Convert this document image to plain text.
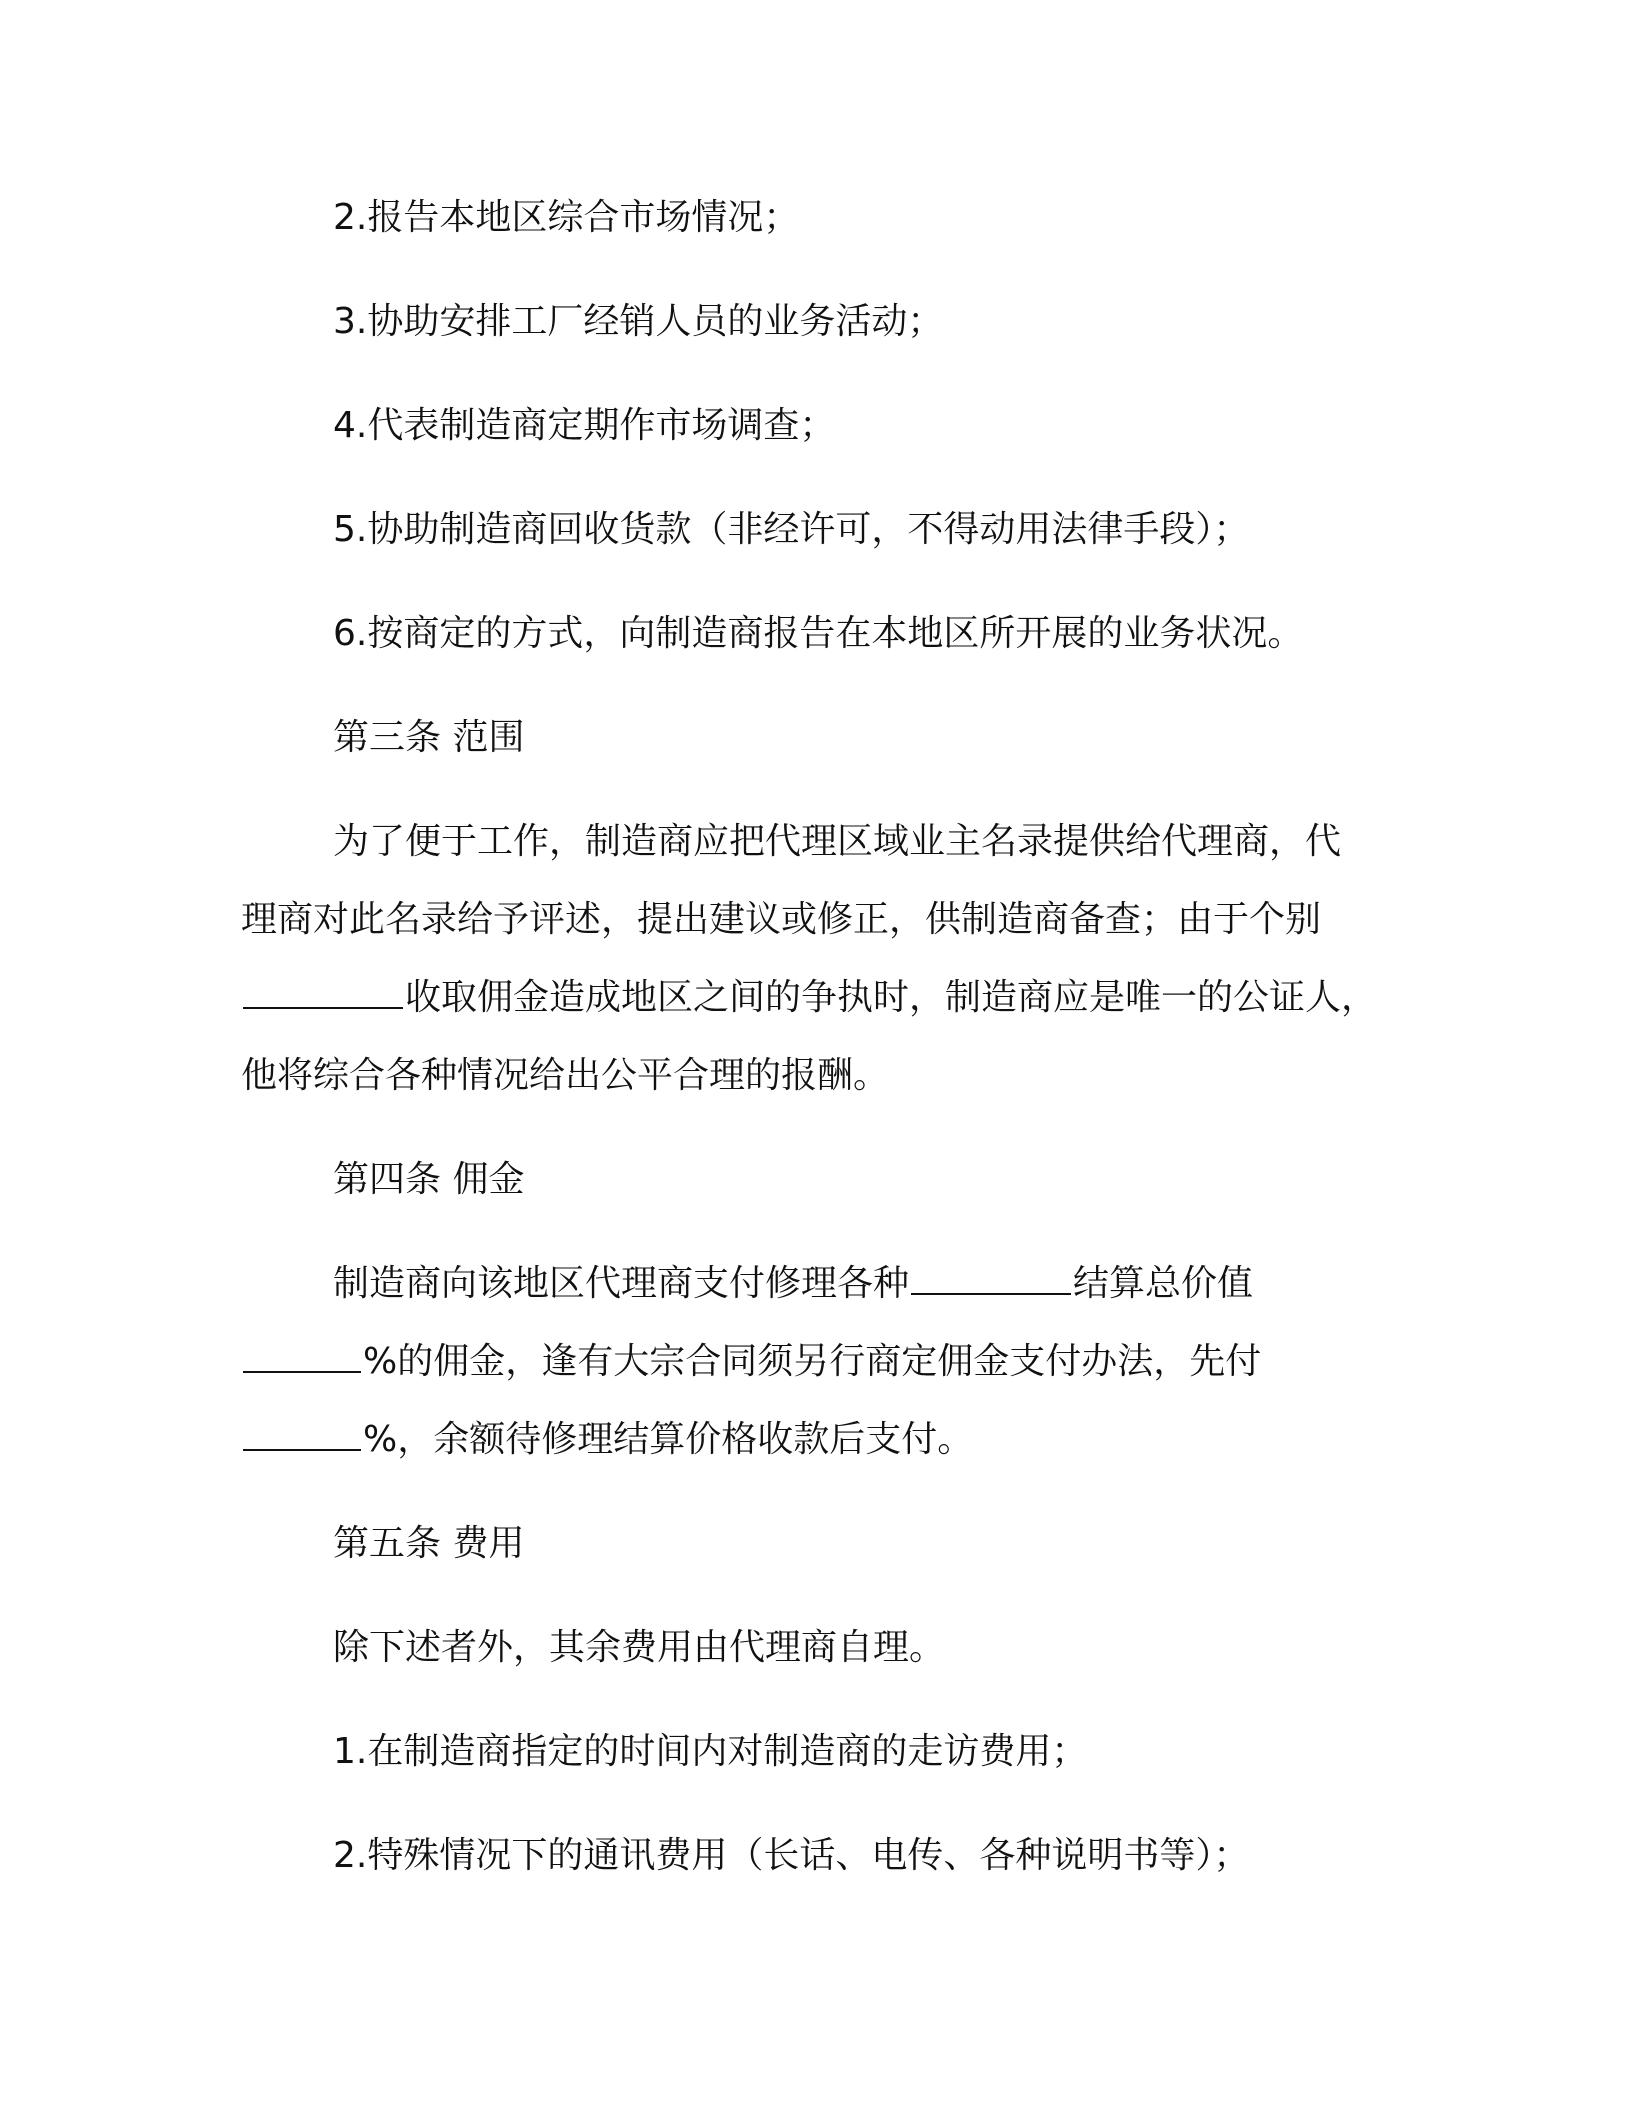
2.报告本地区综合市场情况；
3.协助安排工厂经销人员的业务活动；
4.代表制造商定期作市场调查；
5.协助制造商回收货款（非经许可，不得动用法律手段）；
6.按商定的方式，向制造商报告在本地区所开展的业务状况。
第三条 范围
为了便于工作，制造商应把代理区域业主名录提供给代理商，代
理商对此名录给予评述，提出建议或修正，供制造商备查；由于个别
收取佣金造成地区之间的争执时，制造商应是唯一的公证人，
他将综合各种情况给出公平合理的报酬。
第四条 佣金
制造商向该地区代理商支付修理各种	结算总价值
%的佣金，逢有大宗合同须另行商定佣金支付办法，先付
%，余额待修理结算价格收款后支付。
第五条 费用
除下述者外，其余费用由代理商自理。
1.在制造商指定的时间内对制造商的走访费用；
2.特殊情况下的通讯费用（长话、电传、各种说明书等）；
